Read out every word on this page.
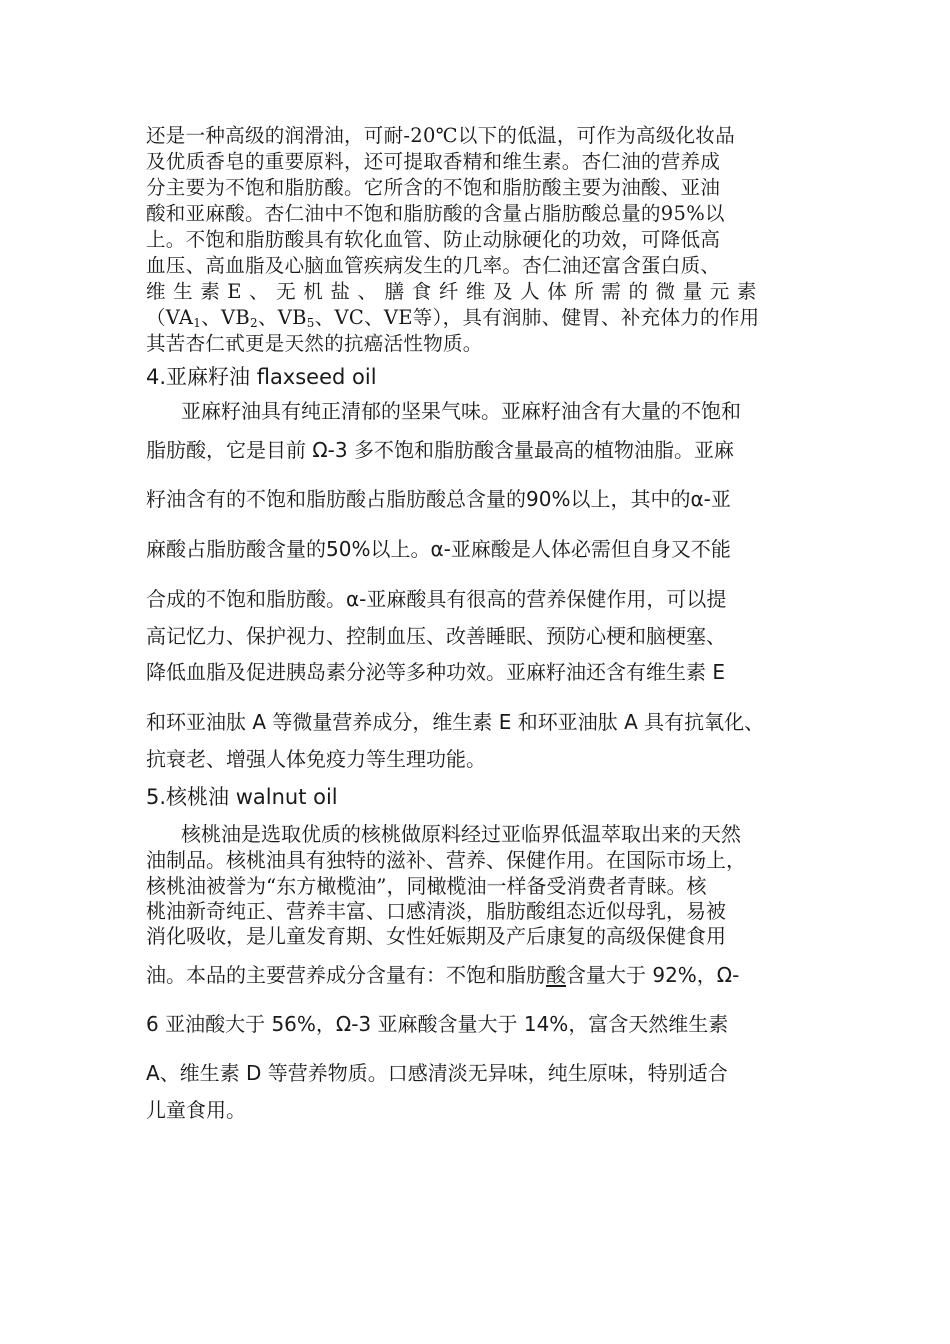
还是一种高级的润滑油，可耐-20℃以下的低温，可作为高级化妆品
及优质香皂的重要原料，还可提取香精和维生素。杏仁油的营养成
分主要为不饱和脂肪酸。它所含的不饱和脂肪酸主要为油酸、亚油
酸和亚麻酸。杏仁油中不饱和脂肪酸的含量占脂肪酸总量的95%以
上。不饱和脂肪酸具有软化血管、防止动脉硬化的功效，可降低高
血压、高血脂及心脑血管疾病发生的几率。杏仁油还富含蛋白质、
维生素E、无机盐、膳食纤维及人体所需的微量元素
（$VA_1$、$VB_2$、$VB_5$、VC、VE等），具有润肺、健胃、补充体力的作用
其苦杏仁甙更是天然的抗癌活性物质。
4.亚麻籽油 flaxseed oil
亚麻籽油具有纯正清郁的坚果气味。亚麻籽油含有大量的不饱和
脂肪酸，它是目前 Ω-3 多不饱和脂肪酸含量最高的植物油脂。亚麻
籽油含有的不饱和脂肪酸占脂肪酸总含量的90%以上，其中的α-亚
麻酸占脂肪酸含量的50%以上。α-亚麻酸是人体必需但自身又不能
合成的不饱和脂肪酸。α-亚麻酸具有很高的营养保健作用，可以提
高记忆力、保护视力、控制血压、改善睡眠、预防心梗和脑梗塞、
降低血脂及促进胰岛素分泌等多种功效。亚麻籽油还含有维生素 E
和环亚油肽 A 等微量营养成分，维生素 E 和环亚油肽 A 具有抗氧化、
抗衰老、增强人体免疫力等生理功能。
5.核桃油 walnut oil
核桃油是选取优质的核桃做原料经过亚临界低温萃取出来的天然
油制品。核桃油具有独特的滋补、营养、保健作用。在国际市场上，
核桃油被誉为“东方橄榄油”，同橄榄油一样备受消费者青睐。核
桃油新奇纯正、营养丰富、口感清淡，脂肪酸组态近似母乳，易被
消化吸收，是儿童发育期、女性妊娠期及产后康复的高级保健食用
油。本品的主要营养成分含量有：不饱和脂肪酸含量大于 92%，Ω-
6 亚油酸大于 56%，Ω-3 亚麻酸含量大于 14%，富含天然维生素
A、维生素 D 等营养物质。口感清淡无异味，纯生原味，特别适合
儿童食用。
